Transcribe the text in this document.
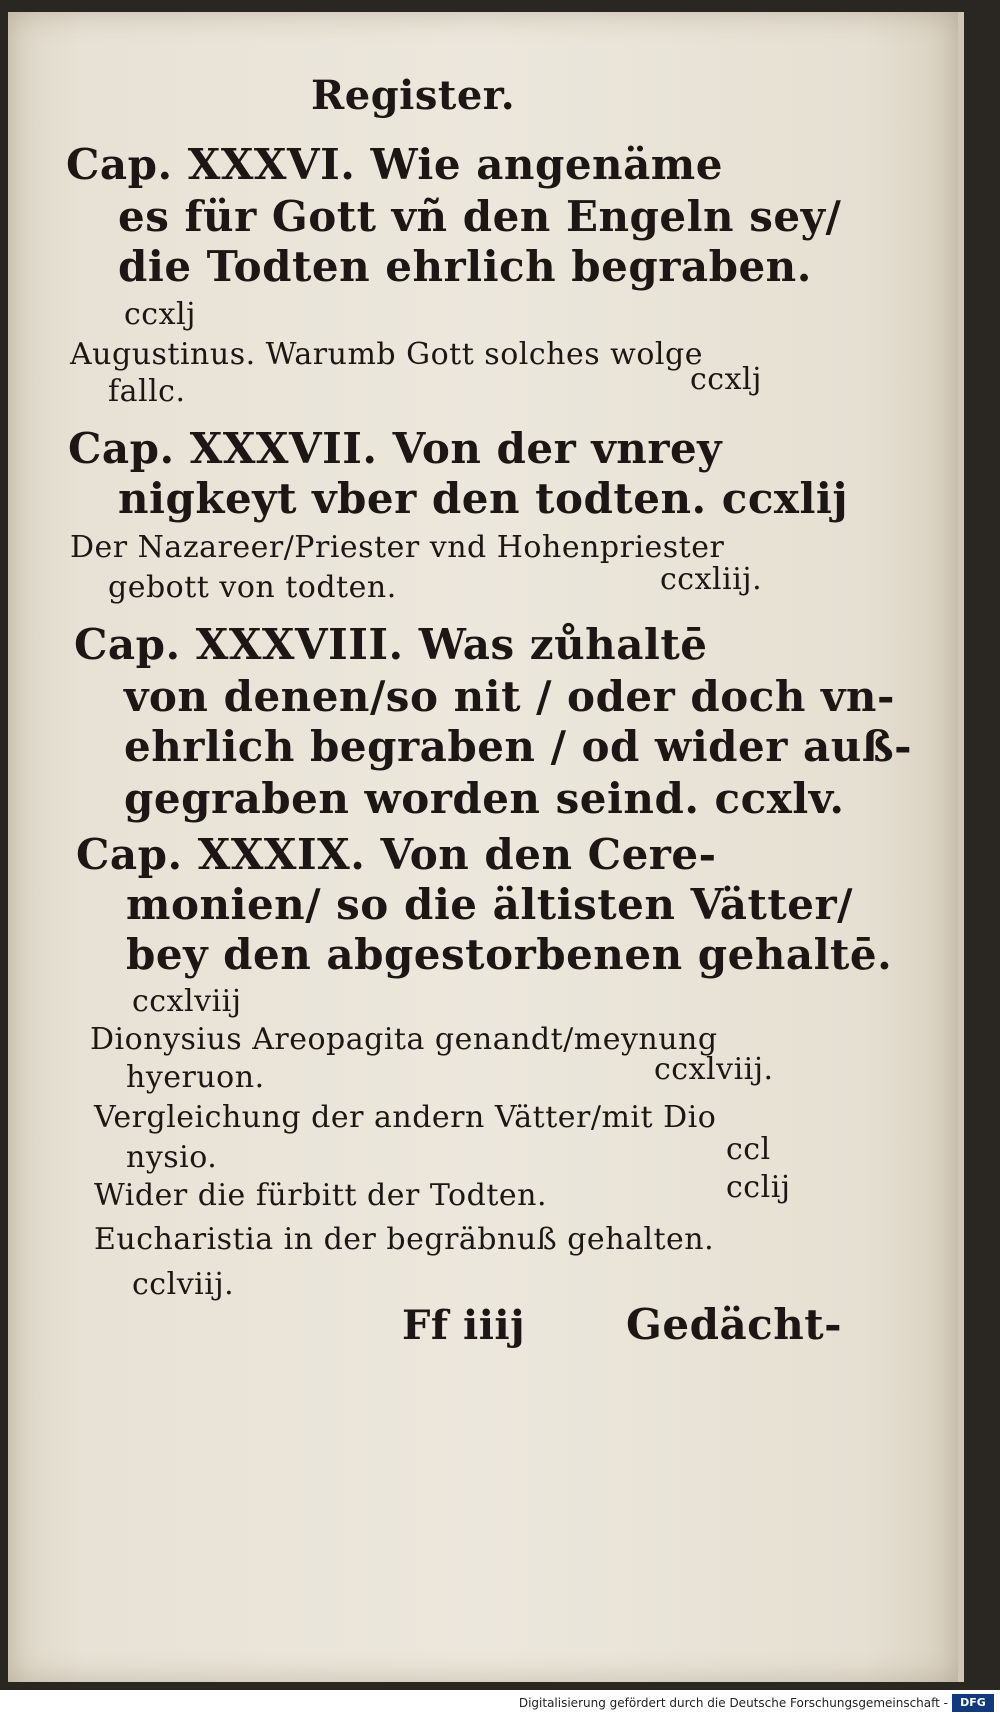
Register.
Cap. XXXVI. Wie angenäme
es für Gott vñ den Engeln sey/
die Todten ehrlich begraben.
ccxlj
Augustinus. Warumb Gott solches wolge
fallc.	ccxlj
Cap. XXXVII. Von der vnrey
nigkeyt vber den todten. ccxlij
Der Nazareer/Priester vnd Hohenpriester
gebott von todten.	ccxliij.
Cap. XXXVIII. Was zůhaltē
von denen/so nit / oder doch vn-
ehrlich begraben / od wider auß-
gegraben worden seind. ccxlv.
Cap. XXXIX. Von den Cere-
monien/ so die ältisten Vätter/
bey den abgestorbenen gehaltē.
ccxlviij
Dionysius Areopagita genandt/meynung
hyeruon.	ccxlviij.
Vergleichung der andern Vätter/mit Dio
nysio.	ccl
Wider die fürbitt der Todten.	cclij
Eucharistia in der begräbnuß gehalten.
cclviij.
Ff iiij Gedächt-
Digitalisierung gefördert durch die Deutsche Forschungsgemeinschaft -	DFG
